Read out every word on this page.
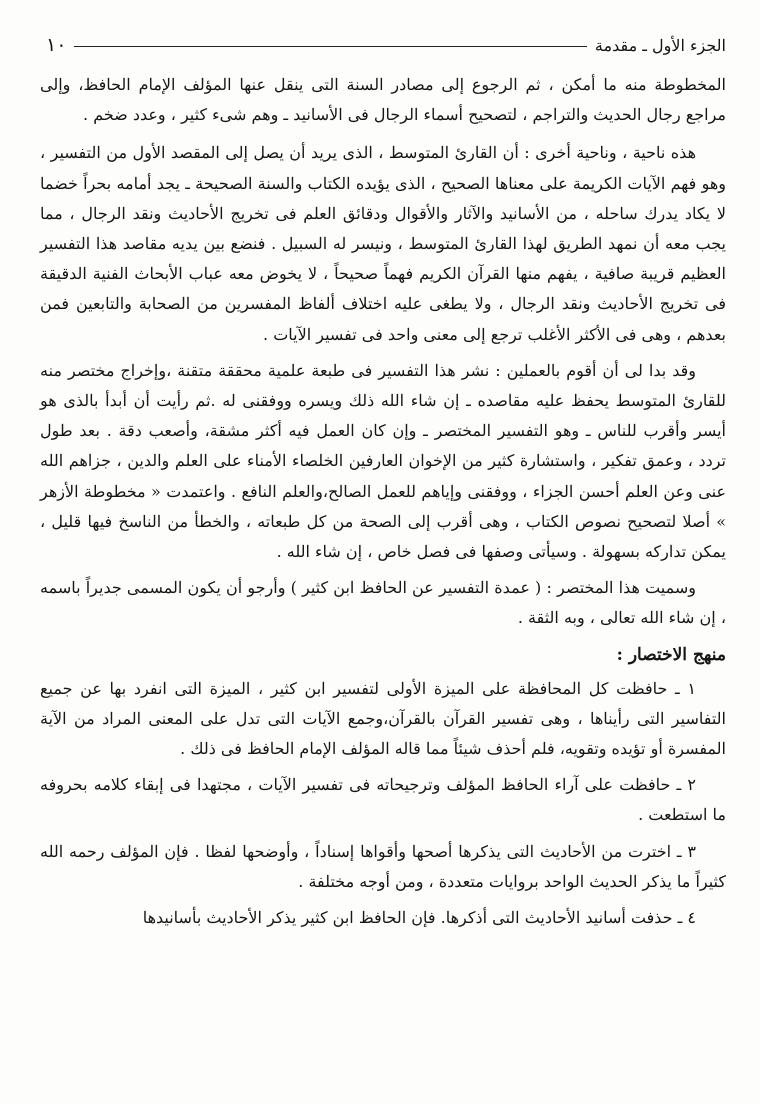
الجزء الأول ـ مقدمة
١٠

المخطوطة منه ما أمكن ، ثم الرجوع إلى مصادر السنة التى ينقل عنها المؤلف الإمام الحافظ، وإلى مراجع رجال الحديث والتراجم ، لتصحيح أسماء الرجال فى الأسانيد ـ وهم شىء كثير ، وعدد ضخم .

هذه ناحية ، وناحية أخرى : أن القارئ المتوسط ، الذى يريد أن يصل إلى المقصد الأول من التفسير ، وهو فهم الآيات الكريمة على معناها الصحيح ، الذى يؤيده الكتاب والسنة الصحيحة ـ يجد أمامه بحراً خضما لا يكاد يدرك ساحله ، من الأسانيد والآثار والأقوال ودقائق العلم فى تخريج الأحاديث ونقد الرجال ، مما يجب معه أن نمهد الطريق لهذا القارئ المتوسط ، ونيسر له السبيل . فنضع بين يديه مقاصد هذا التفسير العظيم قريبة صافية ، يفهم منها القرآن الكريم فهماً صحيحاً ، لا يخوض معه عباب الأبحاث الفنية الدقيقة فى تخريج الأحاديث ونقد الرجال ، ولا يطغى عليه اختلاف ألفاظ المفسرين من الصحابة والتابعين فمن بعدهم ، وهى فى الأكثر الأغلب ترجع إلى معنى واحد فى تفسير الآيات .

وقد بدا لى أن أقوم بالعملين : نشر هذا التفسير فى طبعة علمية محققة متقنة ،وإخراج مختصر منه للقارئ المتوسط يحفظ عليه مقاصده ـ إن شاء الله ذلك ويسره ووفقنى له .ثم رأيت أن أبدأ بالذى هو أيسر وأقرب للناس ـ وهو التفسير المختصر ـ وإن كان العمل فيه أكثر مشقة، وأصعب دقة . بعد طول تردد ، وعمق تفكير ، واستشارة كثير من الإخوان العارفين الخلصاء الأمناء على العلم والدين ، جزاهم الله عنى وعن العلم أحسن الجزاء ، ووفقنى وإياهم للعمل الصالح،والعلم النافع . واعتمدت « مخطوطة الأزهر » أصلا لتصحيح نصوص الكتاب ، وهى أقرب إلى الصحة من كل طبعاته ، والخطأ من الناسخ فيها قليل ، يمكن تداركه بسهولة . وسيأتى وصفها فى فصل خاص ، إن شاء الله .

وسميت هذا المختصر : ( عمدة التفسير عن الحافظ ابن كثير ) وأرجو أن يكون المسمى جديراً باسمه ، إن شاء الله تعالى ، وبه الثقة .

منهج الاختصار :

١ ـ حافظت كل المحافظة على الميزة الأولى لتفسير ابن كثير ، الميزة التى انفرد بها عن جميع التفاسير التى رأيناها ، وهى تفسير القرآن بالقرآن،وجمع الآيات التى تدل على المعنى المراد من الآية المفسرة أو تؤيده وتقويه، فلم أحذف شيئاً مما قاله المؤلف الإمام الحافظ فى ذلك .

٢ ـ حافظت على آراء الحافظ المؤلف وترجيحاته فى تفسير الآيات ، مجتهدا فى إبقاء كلامه بحروفه ما استطعت .

٣ ـ اخترت من الأحاديث التى يذكرها أصحها وأقواها إسناداً ، وأوضحها لفظا . فإن المؤلف رحمه الله كثيراً ما يذكر الحديث الواحد بروايات متعددة ، ومن أوجه مختلفة .

٤ ـ حذفت أسانيد الأحاديث التى أذكرها. فإن الحافظ ابن كثير يذكر الأحاديث بأسانيدها
